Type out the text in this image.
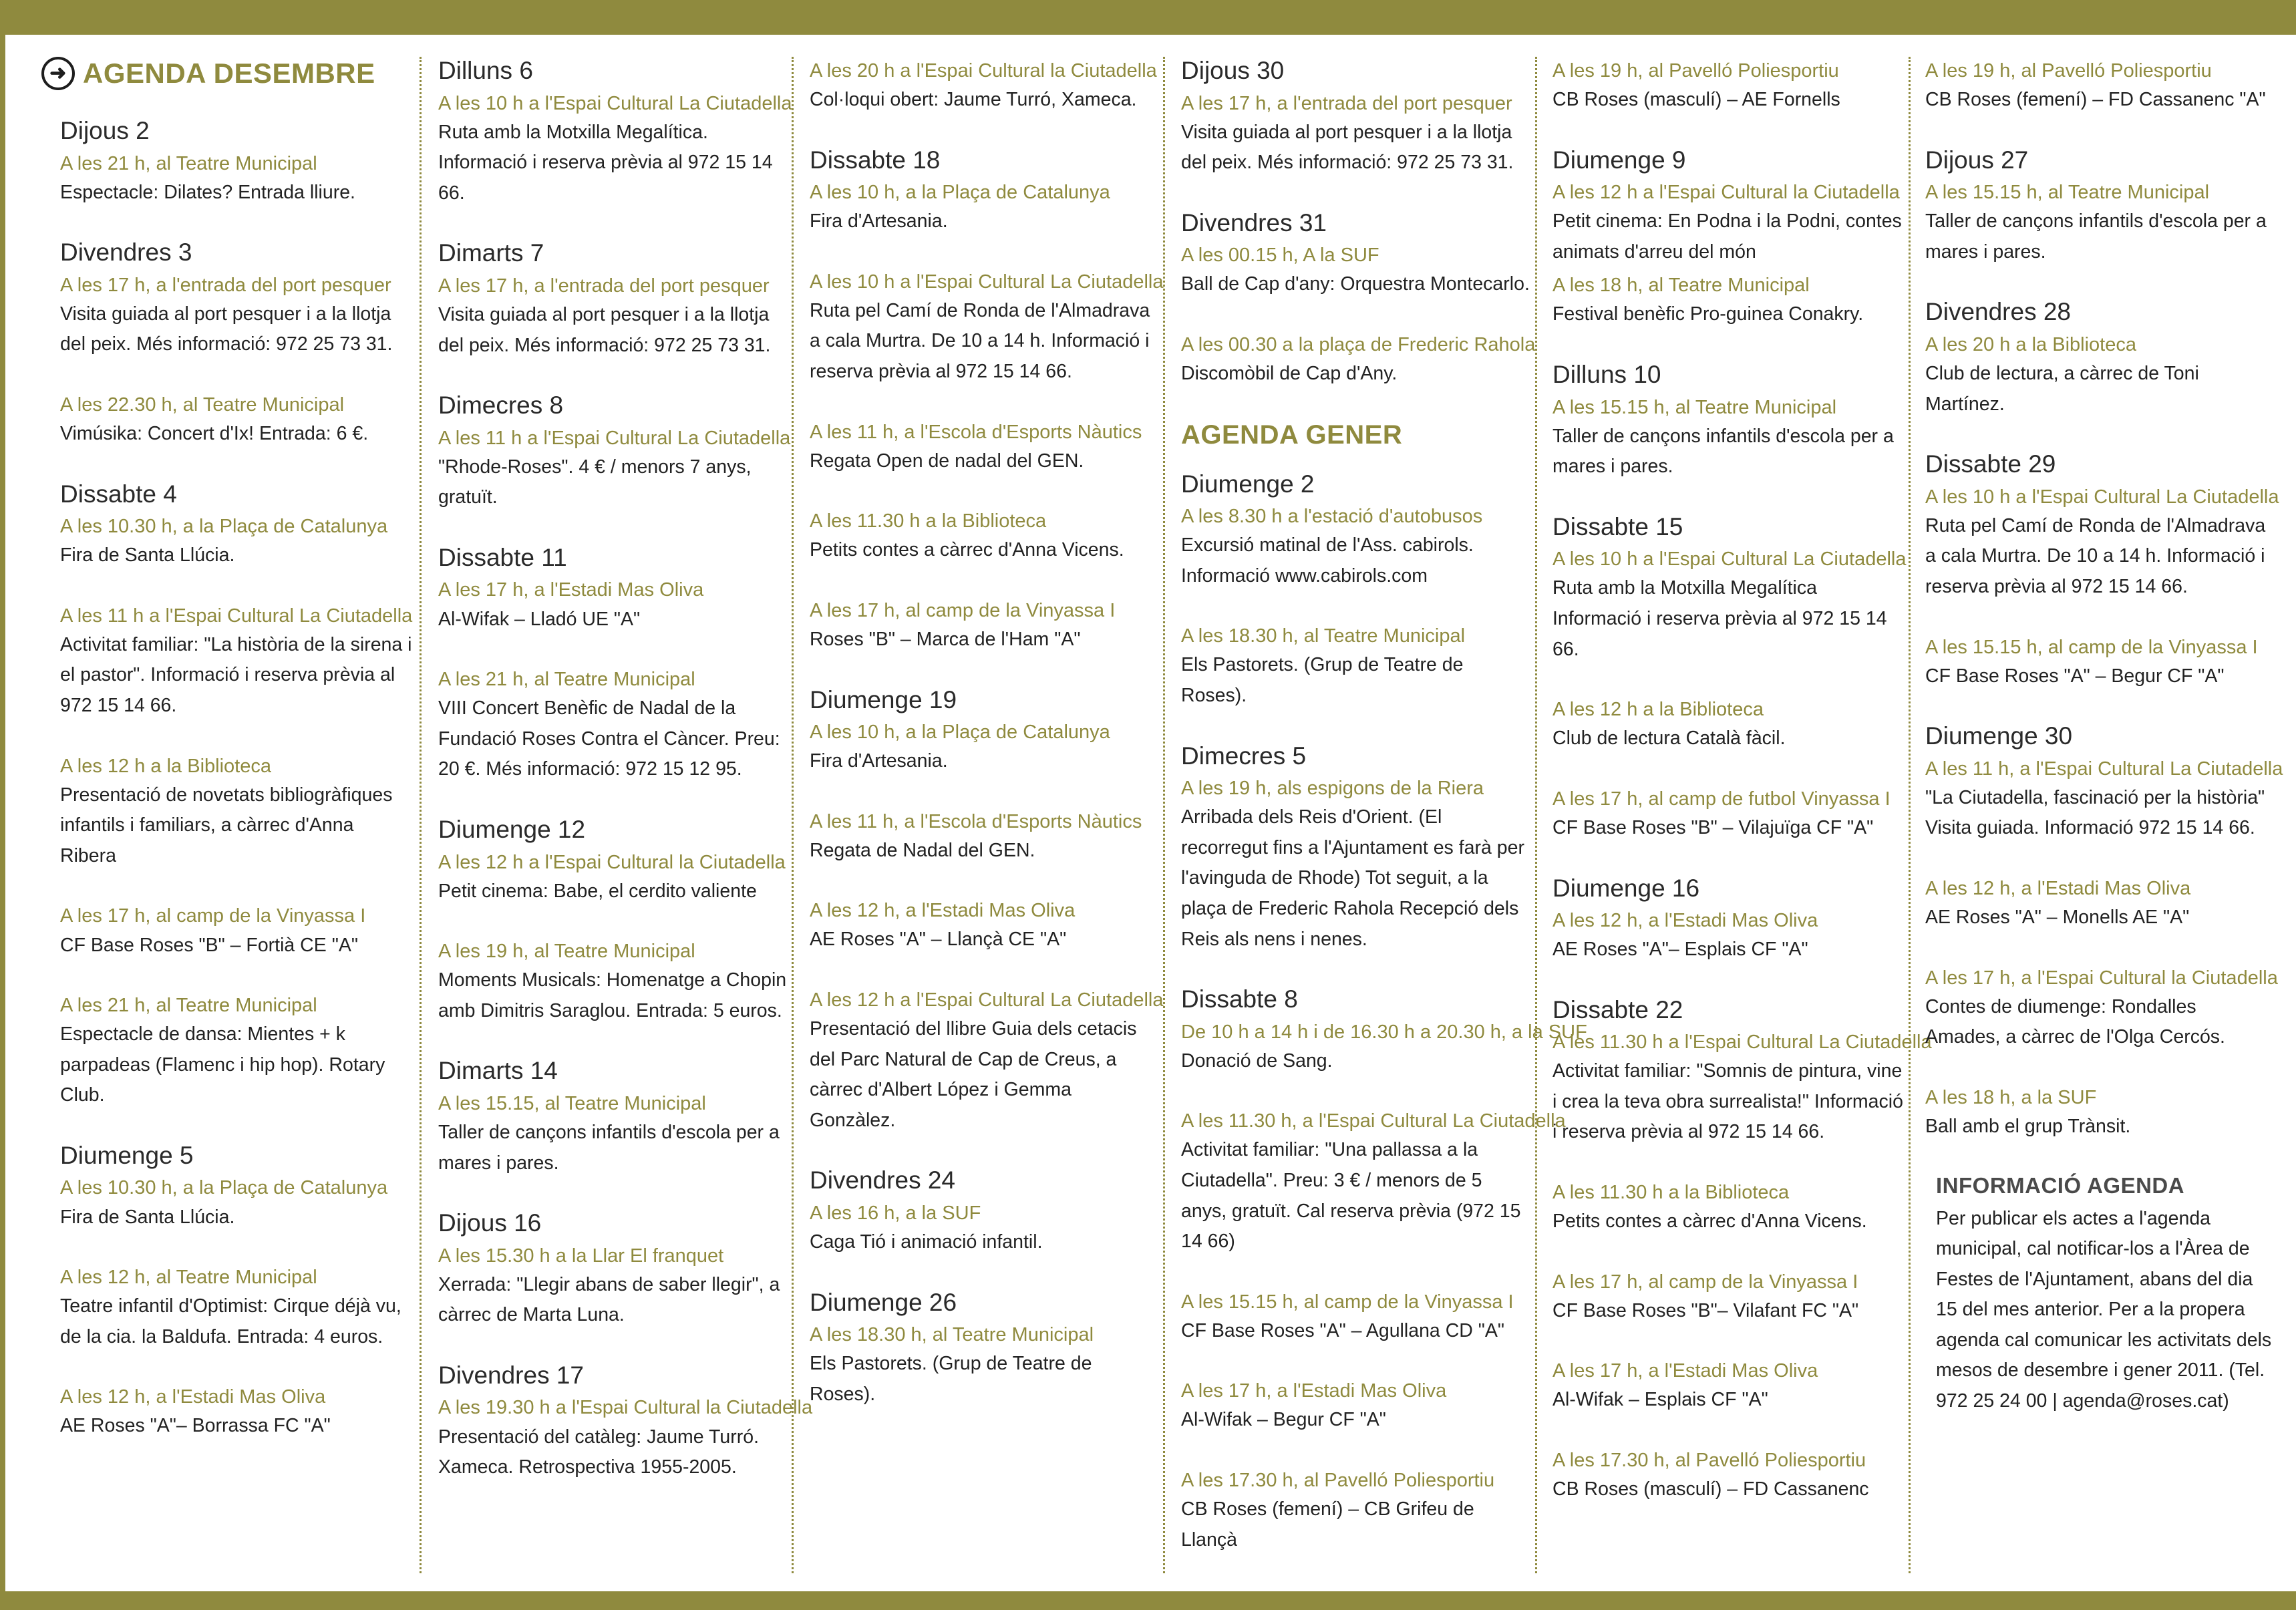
➜ AGENDA DESEMBRE
Dijous 2
A les 21 h, al Teatre Municipal
Espectacle: Dilates? Entrada lliure.
Divendres 3
A les 17 h, a l'entrada del port pesquer
Visita guiada al port pesquer i a la llotja del peix. Més informació: 972 25 73 31.
A les 22.30 h, al Teatre Municipal
Vimúsika: Concert d'Ix! Entrada: 6 €.
Dissabte 4
A les 10.30 h, a la Plaça de Catalunya
Fira de Santa Llúcia.
A les 11 h a l'Espai Cultural La Ciutadella
Activitat familiar: "La història de la sirena i el pastor". Informació i reserva prèvia al 972 15 14 66.
A les 12 h a la Biblioteca
Presentació de novetats bibliogràfiques infantils i familiars, a càrrec d'Anna Ribera
A les 17 h, al camp de la Vinyassa I
CF Base Roses "B" – Fortià CE "A"
A les 21 h, al Teatre Municipal
Espectacle de dansa: Mientes + k parpadeas (Flamenc i hip hop). Rotary Club.
Diumenge 5
A les 10.30 h, a la Plaça de Catalunya
Fira de Santa Llúcia.
A les 12 h, al Teatre Municipal
Teatre infantil d'Optimist: Cirque déjà vu, de la cia. la Baldufa. Entrada: 4 euros.
A les 12 h, a l'Estadi Mas Oliva
AE Roses "A"– Borrassa FC "A"
Dilluns 6
A les 10 h a l'Espai Cultural La Ciutadella
Ruta amb la Motxilla Megalítica. Informació i reserva prèvia al 972 15 14 66.
Dimarts 7
A les 17 h, a l'entrada del port pesquer
Visita guiada al port pesquer i a la llotja del peix. Més informació: 972 25 73 31.
Dimecres 8
A les 11 h a l'Espai Cultural La Ciutadella
"Rhode-Roses". 4 € / menors 7 anys, gratuït.
Dissabte 11
A les 17 h, a l'Estadi Mas Oliva
Al-Wifak – Lladó UE "A"
A les 21 h, al Teatre Municipal
VIII Concert Benèfic de Nadal de la Fundació Roses Contra el Càncer. Preu: 20 €. Més informació: 972 15 12 95.
Diumenge 12
A les 12 h a l'Espai Cultural la Ciutadella
Petit cinema: Babe, el cerdito valiente
A les 19 h, al Teatre Municipal
Moments Musicals: Homenatge a Chopin amb Dimitris Saraglou. Entrada: 5 euros.
Dimarts 14
A les 15.15, al Teatre Municipal
Taller de cançons infantils d'escola per a mares i pares.
Dijous 16
A les 15.30 h a la Llar El franquet
Xerrada: "Llegir abans de saber llegir", a càrrec de Marta Luna.
Divendres 17
A les 19.30 h a l'Espai Cultural la Ciutadella
Presentació del catàleg: Jaume Turró. Xameca. Retrospectiva 1955-2005.
A les 20 h a l'Espai Cultural la Ciutadella
Col·loqui obert: Jaume Turró, Xameca.
Dissabte 18
A les 10 h, a la Plaça de Catalunya
Fira d'Artesania.
A les 10 h a l'Espai Cultural La Ciutadella
Ruta pel Camí de Ronda de l'Almadrava a cala Murtra. De 10 a 14 h. Informació i reserva prèvia al 972 15 14 66.
A les 11 h, a l'Escola d'Esports Nàutics
Regata Open de nadal del GEN.
A les 11.30 h a la Biblioteca
Petits contes a càrrec d'Anna Vicens.
A les 17 h, al camp de la Vinyassa I
Roses "B" – Marca de l'Ham "A"
Diumenge 19
A les 10 h, a la Plaça de Catalunya
Fira d'Artesania.
A les 11 h, a l'Escola d'Esports Nàutics
Regata de Nadal del GEN.
A les 12 h, a l'Estadi Mas Oliva
AE Roses "A" – Llançà CE "A"
A les 12 h a l'Espai Cultural La Ciutadella
Presentació del llibre Guia dels cetacis del Parc Natural de Cap de Creus, a càrrec d'Albert López i Gemma Gonzàlez.
Divendres 24
A les 16 h, a la SUF
Caga Tió i animació infantil.
Diumenge 26
A les 18.30 h, al Teatre Municipal
Els Pastorets. (Grup de Teatre de Roses).
Dijous 30
A les 17 h, a l'entrada del port pesquer
Visita guiada al port pesquer i a la llotja del peix. Més informació: 972 25 73 31.
Divendres 31
A les 00.15 h, A la SUF
Ball de Cap d'any: Orquestra Montecarlo.
A les 00.30 a la plaça de Frederic Rahola
Discomòbil de Cap d'Any.
AGENDA GENER
Diumenge 2
A les 8.30 h a l'estació d'autobusos
Excursió matinal de l'Ass. cabirols. Informació www.cabirols.com
A les 18.30 h, al Teatre Municipal
Els Pastorets. (Grup de Teatre de Roses).
Dimecres 5
A les 19 h, als espigons de la Riera
Arribada dels Reis d'Orient. (El recorregut fins a l'Ajuntament es farà per l'avinguda de Rhode) Tot seguit, a la plaça de Frederic Rahola Recepció dels Reis als nens i nenes.
Dissabte 8
De 10 h a 14 h i de 16.30 h a 20.30 h, a la SUF
Donació de Sang.
A les 11.30 h, a l'Espai Cultural La Ciutadella
Activitat familiar: "Una pallassa a la Ciutadella". Preu: 3 € / menors de 5 anys, gratuït. Cal reserva prèvia (972 15 14 66)
A les 15.15 h, al camp de la Vinyassa I
CF Base Roses "A" – Agullana CD "A"
A les 17 h, a l'Estadi Mas Oliva
Al-Wifak – Begur CF "A"
A les 17.30 h, al Pavelló Poliesportiu
CB Roses (femení) – CB Grifeu de Llançà
A les 19 h, al Pavelló Poliesportiu
CB Roses (masculí) – AE Fornells
Diumenge 9
A les 12 h a l'Espai Cultural la Ciutadella
Petit cinema: En Podna i la Podni, contes animats d'arreu del món
A les 18 h, al Teatre Municipal
Festival benèfic Pro-guinea Conakry.
Dilluns 10
A les 15.15 h, al Teatre Municipal
Taller de cançons infantils d'escola per a mares i pares.
Dissabte 15
A les 10 h a l'Espai Cultural La Ciutadella
Ruta amb la Motxilla Megalítica Informació i reserva prèvia al 972 15 14 66.
A les 12 h a la Biblioteca
Club de lectura Català fàcil.
A les 17 h, al camp de futbol Vinyassa I
CF Base Roses "B" – Vilajuïga CF "A"
Diumenge 16
A les 12 h, a l'Estadi Mas Oliva
AE Roses "A"– Esplais CF "A"
Dissabte 22
A les 11.30 h a l'Espai Cultural La Ciutadella
Activitat familiar: "Somnis de pintura, vine i crea la teva obra surrealista!" Informació i reserva prèvia al 972 15 14 66.
A les 11.30 h a la Biblioteca
Petits contes a càrrec d'Anna Vicens.
A les 17 h, al camp de la Vinyassa I
CF Base Roses "B"– Vilafant FC "A"
A les 17 h, a l'Estadi Mas Oliva
Al-Wifak – Esplais CF "A"
A les 17.30 h, al Pavelló Poliesportiu
CB Roses (masculí) – FD Cassanenc
A les 19 h, al Pavelló Poliesportiu
CB Roses (femení) – FD Cassanenc "A"
Dijous 27
A les 15.15 h, al Teatre Municipal
Taller de cançons infantils d'escola per a mares i pares.
Divendres 28
A les 20 h a la Biblioteca
Club de lectura, a càrrec de Toni Martínez.
Dissabte 29
A les 10 h a l'Espai Cultural La Ciutadella
Ruta pel Camí de Ronda de l'Almadrava a cala Murtra. De 10 a 14 h. Informació i reserva prèvia al 972 15 14 66.
A les 15.15 h, al camp de la Vinyassa I
CF Base Roses "A" – Begur CF "A"
Diumenge 30
A les 11 h, a l'Espai Cultural La Ciutadella
"La Ciutadella, fascinació per la història" Visita guiada. Informació 972 15 14 66.
A les 12 h, a l'Estadi Mas Oliva
AE Roses "A" – Monells AE "A"
A les 17 h, a l'Espai Cultural la Ciutadella
Contes de diumenge: Rondalles Amades, a càrrec de l'Olga Cercós.
A les 18 h, a la SUF
Ball amb el grup Trànsit.
INFORMACIÓ AGENDA
Per publicar els actes a l'agenda municipal, cal notificar-los a l'Àrea de Festes de l'Ajuntament, abans del dia 15 del mes anterior. Per a la propera agenda cal comunicar les activitats dels mesos de desembre i gener 2011. (Tel. 972 25 24 00 | agenda@roses.cat)
